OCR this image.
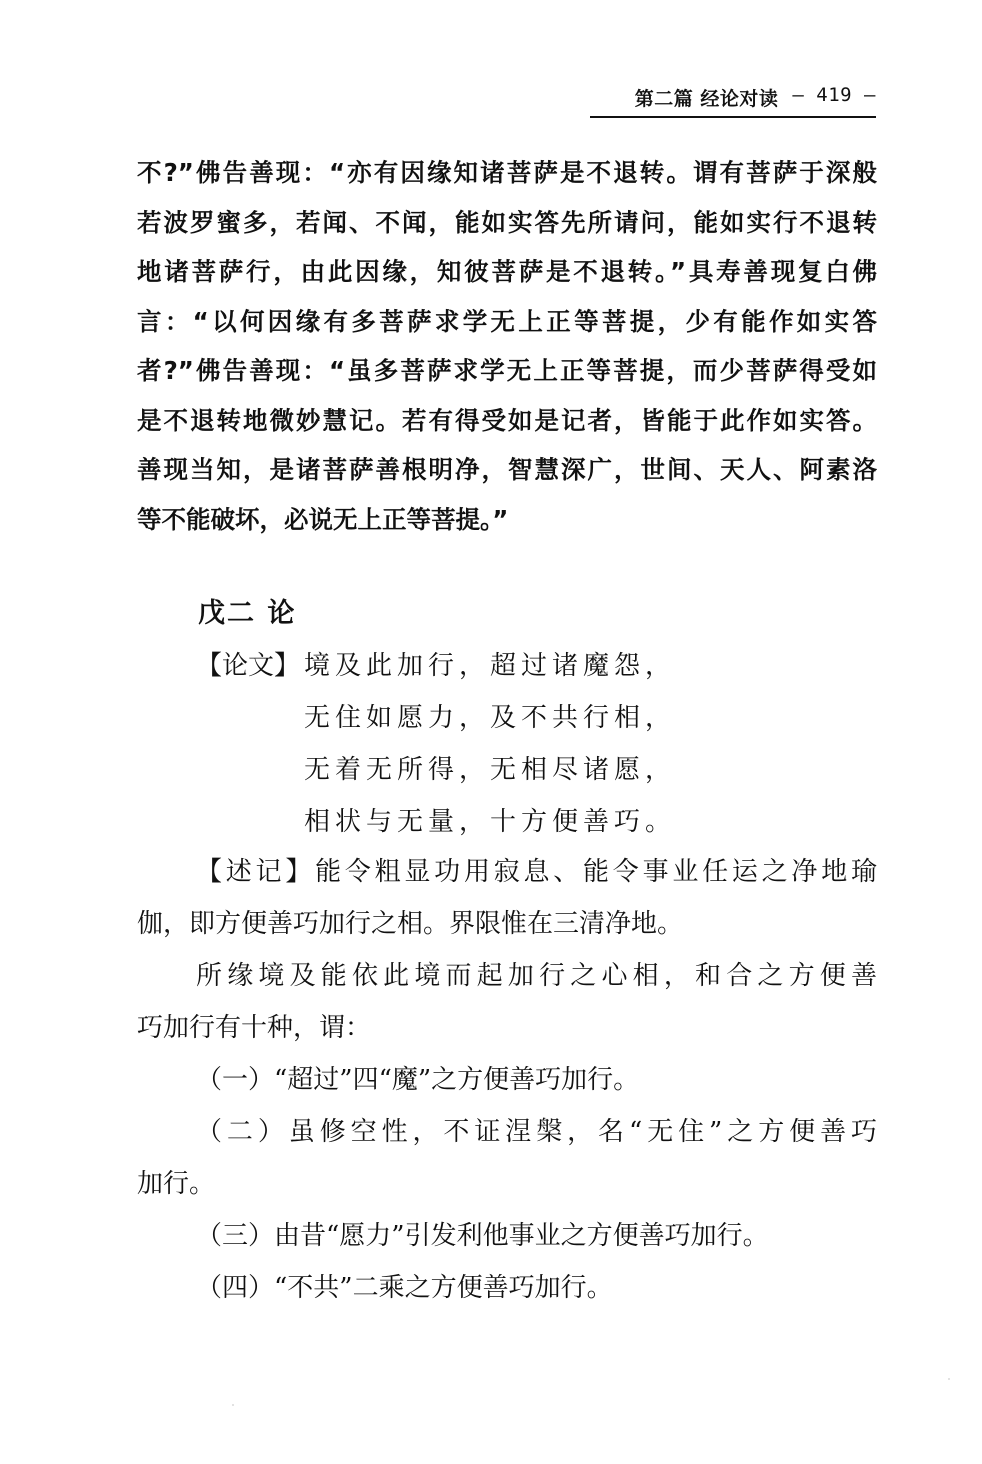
第二篇 经论对读 — 419 —
不?”佛告善现：“亦有因缘知诸菩萨是不退转。谓有菩萨于深般
若波罗蜜多，若闻、不闻，能如实答先所请问，能如实行不退转
地诸菩萨行，由此因缘，知彼菩萨是不退转。”具寿善现复白佛
言：“以何因缘有多菩萨求学无上正等菩提，少有能作如实答
者?”佛告善现：“虽多菩萨求学无上正等菩提，而少菩萨得受如
是不退转地微妙慧记。若有得受如是记者，皆能于此作如实答。
善现当知，是诸菩萨善根明净，智慧深广，世间、天人、阿素洛
等不能破坏，必说无上正等菩提。”
戊二 论
【论文】 境及此加行，超过诸魔怨，
无住如愿力，及不共行相，
无着无所得，无相尽诸愿，
相状与无量，十方便善巧。
【述记】能令粗显功用寂息、能令事业任运之净地瑜
伽，即方便善巧加行之相。界限惟在三清净地。
所缘境及能依此境而起加行之心相，和合之方便善
巧加行有十种，谓：
（一）“超过”四“魔”之方便善巧加行。
（二）虽修空性，不证涅槃，名“无住”之方便善巧
加行。
（三）由昔“愿力”引发利他事业之方便善巧加行。
（四）“不共”二乘之方便善巧加行。
